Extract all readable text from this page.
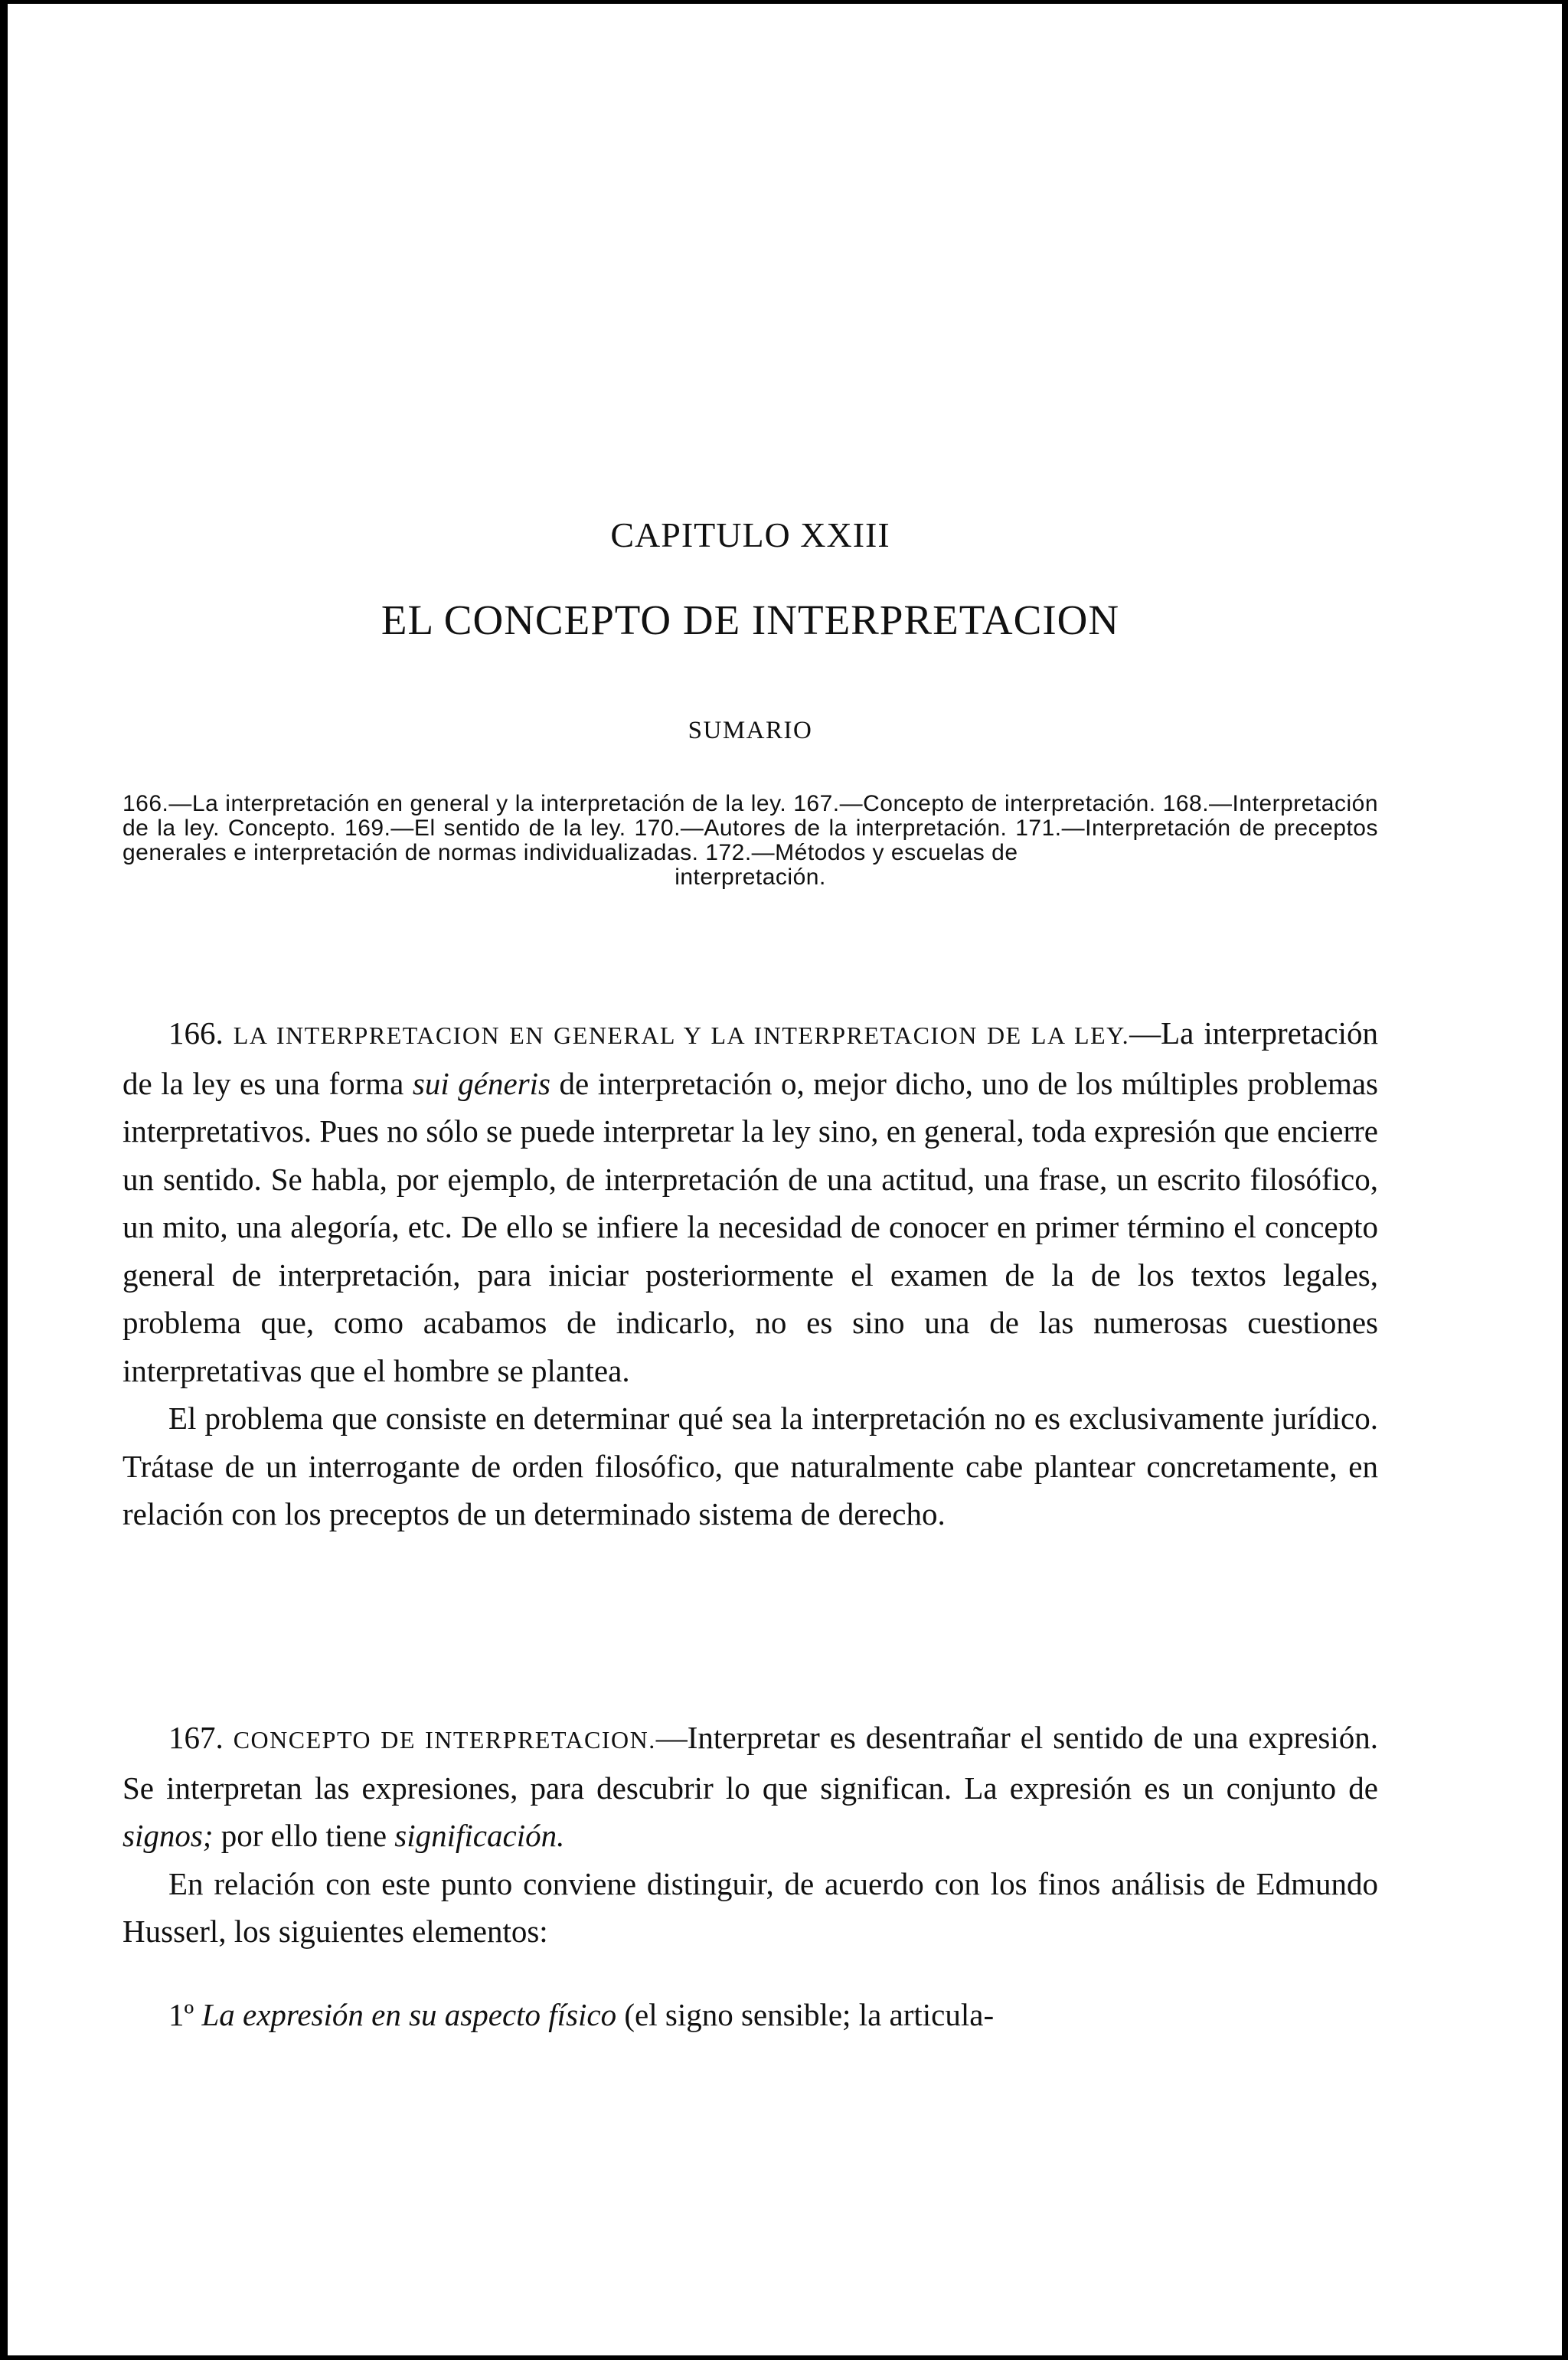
CAPITULO XXIII
EL CONCEPTO DE INTERPRETACION
SUMARIO
166.—La interpretación en general y la interpretación de la ley. 167.—Concepto de interpretación. 168.—Interpretación de la ley. Concepto. 169.—El sentido de la ley. 170.—Autores de la interpretación. 171.—Interpretación de preceptos generales e interpretación de normas individualizadas. 172.—Métodos y escuelas de
interpretación.

166. LA INTERPRETACION EN GENERAL Y LA INTERPRETACION DE LA LEY.—La interpretación de la ley es una forma sui géneris de interpretación o, mejor dicho, uno de los múltiples problemas interpretativos. Pues no sólo se puede interpretar la ley sino, en general, toda expresión que encierre un sentido. Se habla, por ejemplo, de interpretación de una actitud, una frase, un escrito filosófico, un mito, una alegoría, etc. De ello se infiere la necesidad de conocer en primer término el concepto general de interpretación, para iniciar posteriormente el examen de la de los textos legales, problema que, como acabamos de indicarlo, no es sino una de las numerosas cuestiones interpretativas que el hombre se plantea.

El problema que consiste en determinar qué sea la interpretación no es exclusivamente jurídico. Trátase de un interrogante de orden filosófico, que naturalmente cabe plantear concretamente, en relación con los preceptos de un determinado sistema de derecho.

167. CONCEPTO DE INTERPRETACION.—Interpretar es desentrañar el sentido de una expresión. Se interpretan las expresiones, para descubrir lo que significan. La expresión es un conjunto de signos; por ello tiene significación.

En relación con este punto conviene distinguir, de acuerdo con los finos análisis de Edmundo Husserl, los siguientes elementos:

1º La expresión en su aspecto físico (el signo sensible; la articula-
